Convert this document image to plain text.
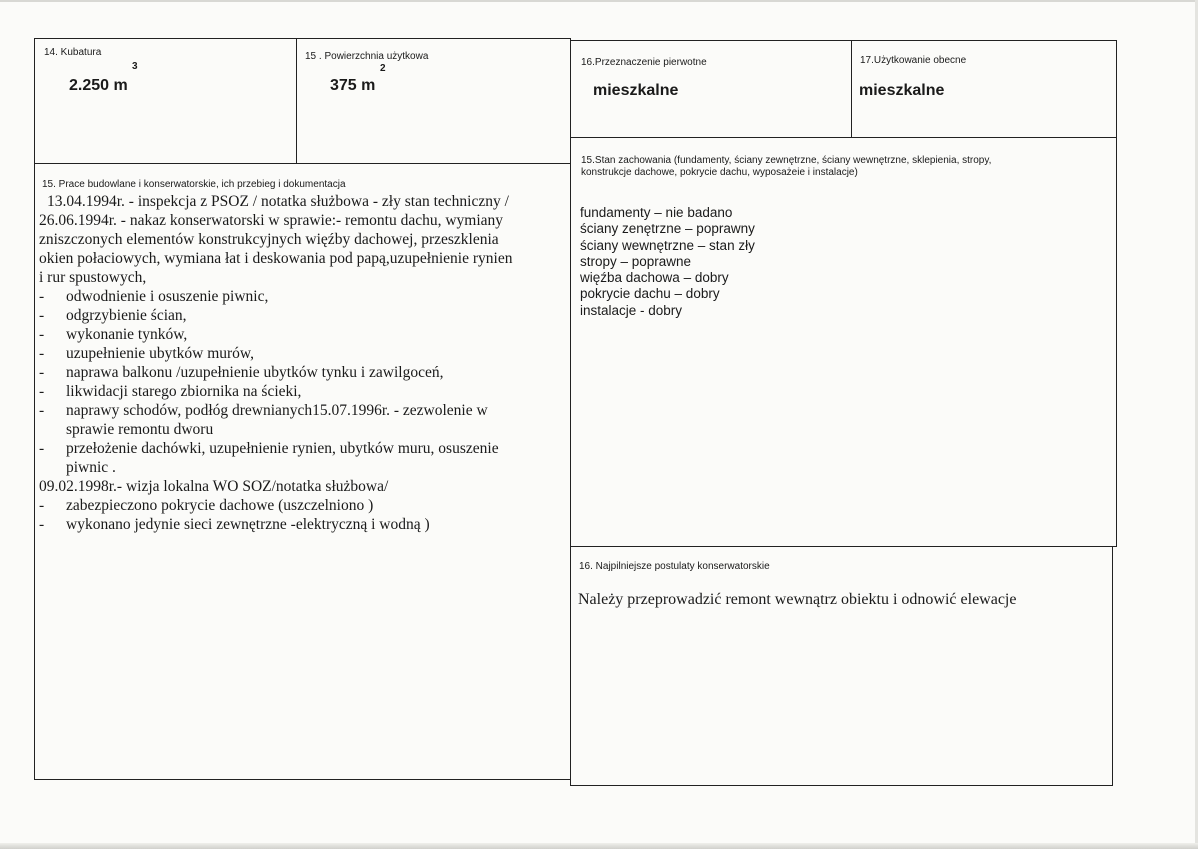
14. Kubatura
3
2.250 m
15 . Powierzchnia użytkowa
2
375 m
16.Przeznaczenie pierwotne
mieszkalne
17.Użytkowanie obecne
mieszkalne
15. Prace budowlane i konserwatorskie, ich przebieg i dokumentacja
13.04.1994r. - inspekcja z PSOZ / notatka służbowa - zły stan techniczny /
26.06.1994r. - nakaz konserwatorski w sprawie:- remontu dachu, wymiany
zniszczonych elementów konstrukcyjnych więźby dachowej, przeszklenia
okien połaciowych, wymiana łat i deskowania pod papą,uzupełnienie rynien
i rur spustowych,
- odwodnienie i osuszenie piwnic,
- odgrzybienie ścian,
- wykonanie tynków,
- uzupełnienie ubytków murów,
- naprawa balkonu /uzupełnienie ubytków tynku i zawilgoceń,
- likwidacji starego zbiornika na ścieki,
- naprawy schodów, podłóg drewnianych15.07.1996r. - zezwolenie w
sprawie remontu dworu
- przełożenie dachówki, uzupełnienie rynien, ubytków muru, osuszenie
piwnic .
09.02.1998r.- wizja lokalna WO SOZ/notatka służbowa/
- zabezpieczono pokrycie dachowe (uszczelniono )
- wykonano jedynie sieci zewnętrzne -elektryczną i wodną )
15.Stan zachowania (fundamenty, ściany zewnętrzne, ściany wewnętrzne, sklepienia, stropy,
konstrukcje dachowe, pokrycie dachu, wyposażeie i instalacje)
fundamenty – nie badano
ściany zenętrzne – poprawny
ściany wewnętrzne – stan zły
stropy – poprawne
więźba dachowa – dobry
pokrycie dachu – dobry
instalacje - dobry
16. Najpilniejsze postulaty konserwatorskie
Należy przeprowadzić remont wewnątrz obiektu i odnowić elewacje
